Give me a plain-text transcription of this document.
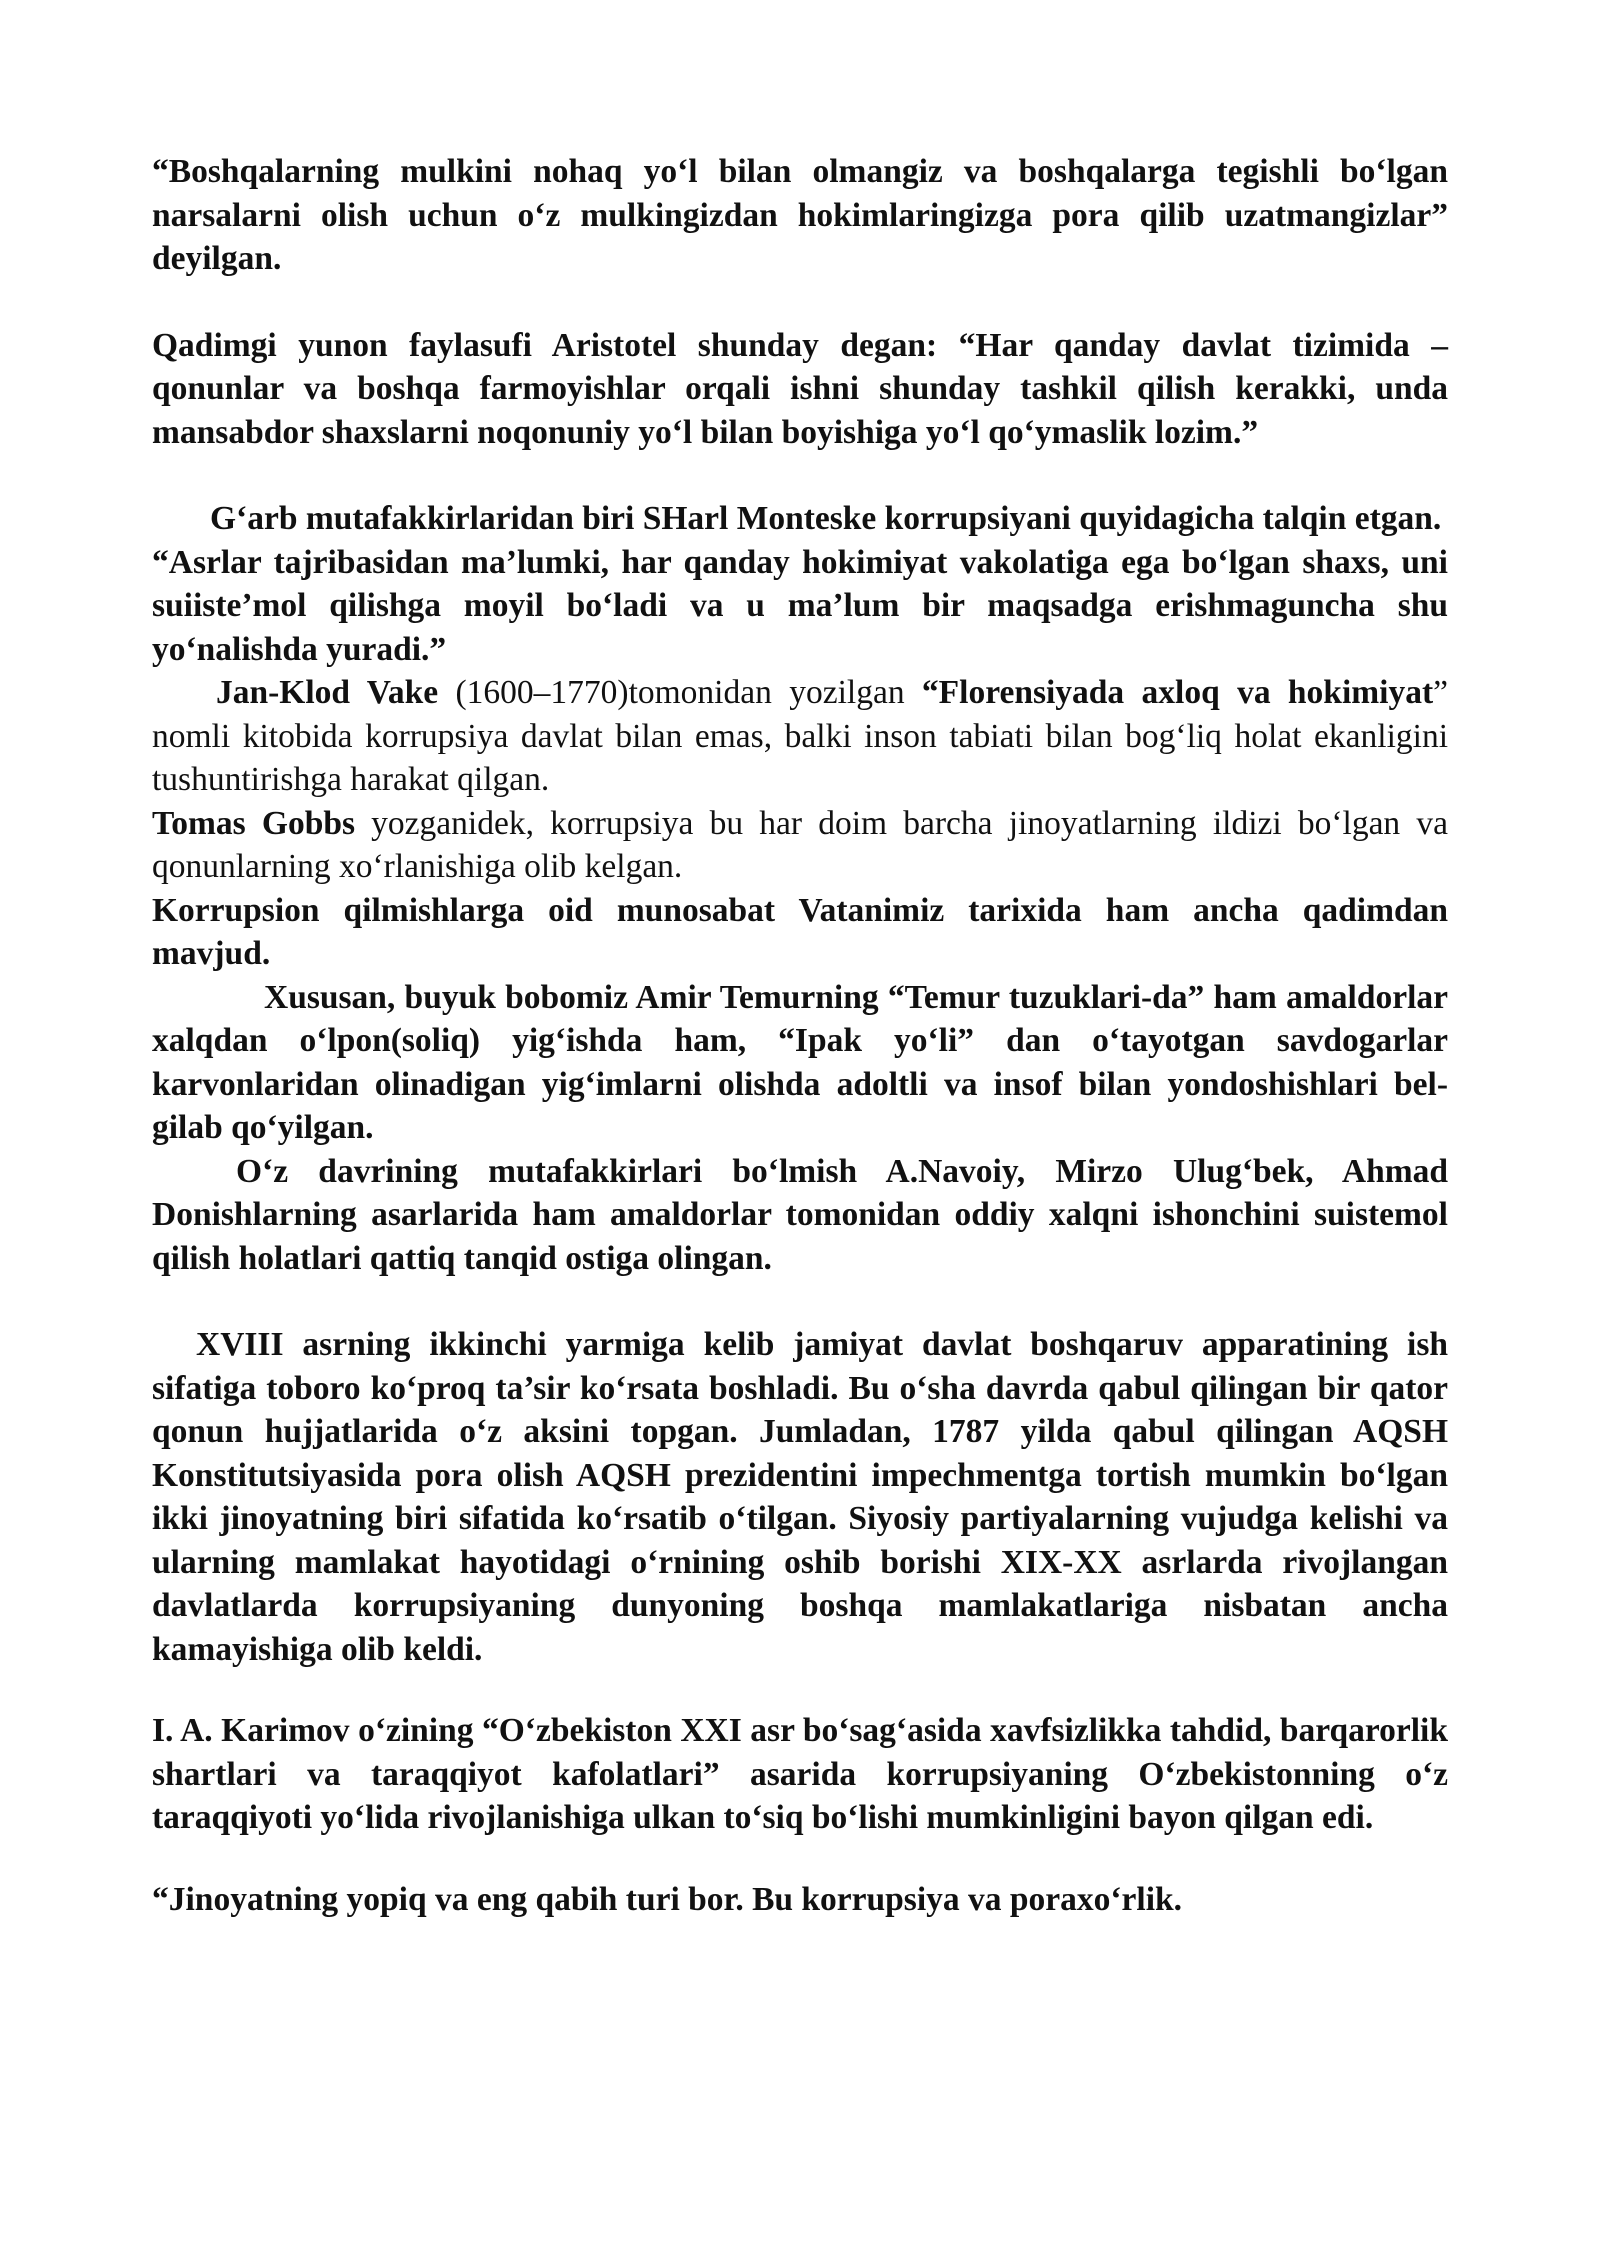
“Boshqalarning mulkini nohaq yo‘l bilan olmangiz va boshqalarga tegishli bo‘lgan narsalarni olish uchun o‘z mulkingizdan hokimlaringizga pora qilib uzatmangizlar” deyilgan.

Qadimgi yunon faylasufi Aristotel shunday degan: “Har qanday davlat tizimida – qonunlar va boshqa farmoyishlar orqali ishni shunday tashkil qilish kerakki, unda mansabdor shaxslarni noqonuniy yo‘l bilan boyishiga yo‘l qo‘ymaslik lozim.”

G‘arb mutafakkirlaridan biri SHarl Monteske korrupsiyani quyidagicha talqin etgan.

“Asrlar tajribasidan ma’lumki, har qanday hokimiyat vakolatiga ega bo‘lgan shaxs, uni suiiste’mol qilishga moyil bo‘ladi va u ma’lum bir maqsadga erishmaguncha shu yo‘nalishda yuradi.”

Jan-Klod Vake (1600–1770)tomonidan yozilgan “Florensiyada axloq va hokimiyat” nomli kitobida korrupsiya davlat bilan emas, balki inson tabiati bilan bog‘liq holat ekanligini tushuntirishga harakat qilgan.

Tomas Gobbs yozganidek, korrupsiya bu har doim barcha jinoyatlarning ildizi bo‘lgan va qonunlarning xo‘rlanishiga olib kelgan.

Korrupsion qilmishlarga oid munosabat Vatanimiz tarixida ham ancha qadimdan mavjud.

Xususan, buyuk bobomiz Amir Temurning “Temur tuzuklari-da” ham amaldorlar xalqdan o‘lpon(soliq) yig‘ishda ham, “Ipak yo‘li” dan o‘tayotgan savdogarlar karvonlaridan olinadigan yig‘imlarni olishda adoltli va insof bilan yondoshishlari bel-gilab qo‘yilgan.

O‘z davrining mutafakkirlari bo‘lmish A.Navoiy, Mirzo Ulug‘bek, Ahmad Donishlarning asarlarida ham amaldorlar tomonidan oddiy xalqni ishonchini suistemol qilish holatlari qattiq tanqid ostiga olingan.

XVIII asrning ikkinchi yarmiga kelib jamiyat davlat boshqaruv apparatining ish sifatiga toboro ko‘proq ta’sir ko‘rsata boshladi. Bu o‘sha davrda qabul qilingan bir qator qonun hujjatlarida o‘z aksini topgan. Jumladan, 1787 yilda qabul qilingan AQSH Konstitutsiyasida pora olish AQSH prezidentini impechmentga tortish mumkin bo‘lgan ikki jinoyatning biri sifatida ko‘rsatib o‘tilgan. Siyosiy partiyalarning vujudga kelishi va ularning mamlakat hayotidagi o‘rnining oshib borishi XIX-XX asrlarda rivojlangan davlatlarda korrupsiyaning dunyoning boshqa mamlakatlariga nisbatan ancha kamayishiga olib keldi.

I. A. Karimov o‘zining “O‘zbekiston XXI asr bo‘sag‘asida xavfsizlikka tahdid, barqarorlik shartlari va taraqqiyot kafolatlari” asarida korrupsiyaning O‘zbekistonning o‘z taraqqiyoti yo‘lida rivojlanishiga ulkan to‘siq bo‘lishi mumkinligini bayon qilgan edi.

“Jinoyatning yopiq va eng qabih turi bor. Bu korrupsiya va poraxo‘rlik.
